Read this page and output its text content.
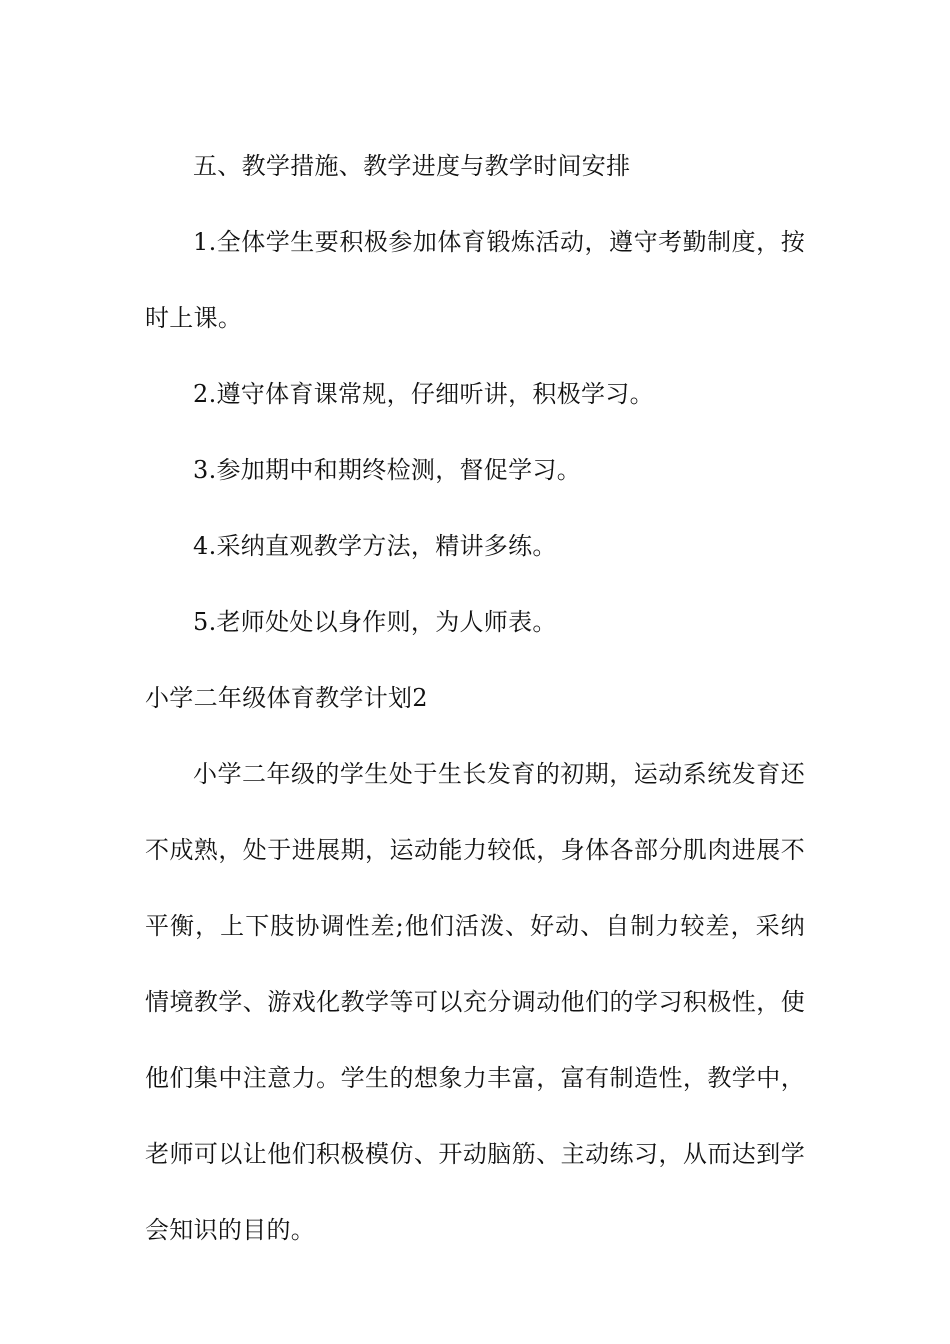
五、教学措施、教学进度与教学时间安排

1.全体学生要积极参加体育锻炼活动，遵守考勤制度，按时上课。

2.遵守体育课常规，仔细听讲，积极学习。

3.参加期中和期终检测，督促学习。

4.采纳直观教学方法，精讲多练。

5.老师处处以身作则，为人师表。

小学二年级体育教学计划2

小学二年级的学生处于生长发育的初期，运动系统发育还不成熟，处于进展期，运动能力较低，身体各部分肌肉进展不平衡，上下肢协调性差;他们活泼、好动、自制力较差，采纳情境教学、游戏化教学等可以充分调动他们的学习积极性，使他们集中注意力。学生的想象力丰富，富有制造性，教学中，老师可以让他们积极模仿、开动脑筋、主动练习，从而达到学会知识的目的。
